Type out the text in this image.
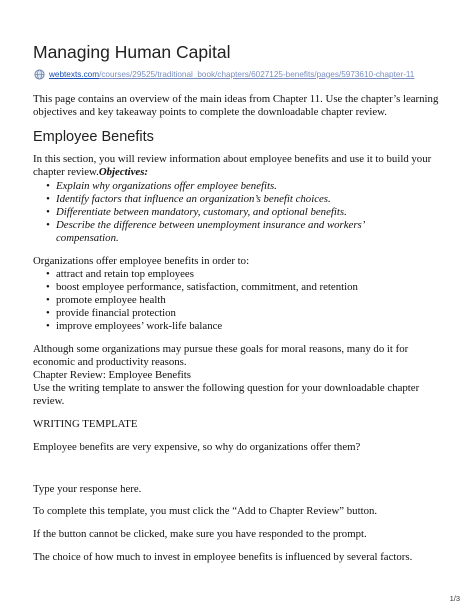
Managing Human Capital
webtexts.com /courses/29525/traditional_book/chapters/6027125-benefits/pages/5973610-chapter-11
This page contains an overview of the main ideas from Chapter 11. Use the chapter’s learning
objectives and key takeaway points to complete the downloadable chapter review.
Employee Benefits
In this section, you will review information about employee benefits and use it to build your
chapter review.Objectives:
• Explain why organizations offer employee benefits.
• Identify factors that influence an organization’s benefit choices.
• Differentiate between mandatory, customary, and optional benefits.
• Describe the difference between unemployment insurance and workers’
compensation.
Organizations offer employee benefits in order to:
• attract and retain top employees
• boost employee performance, satisfaction, commitment, and retention
• promote employee health
• provide financial protection
• improve employees’ work-life balance
Although some organizations may pursue these goals for moral reasons, many do it for
economic and productivity reasons.
Chapter Review: Employee Benefits
Use the writing template to answer the following question for your downloadable chapter
review.
WRITING TEMPLATE
Employee benefits are very expensive, so why do organizations offer them?
Type your response here.
To complete this template, you must click the “Add to Chapter Review” button.
If the button cannot be clicked, make sure you have responded to the prompt.
The choice of how much to invest in employee benefits is influenced by several factors.
1/3
